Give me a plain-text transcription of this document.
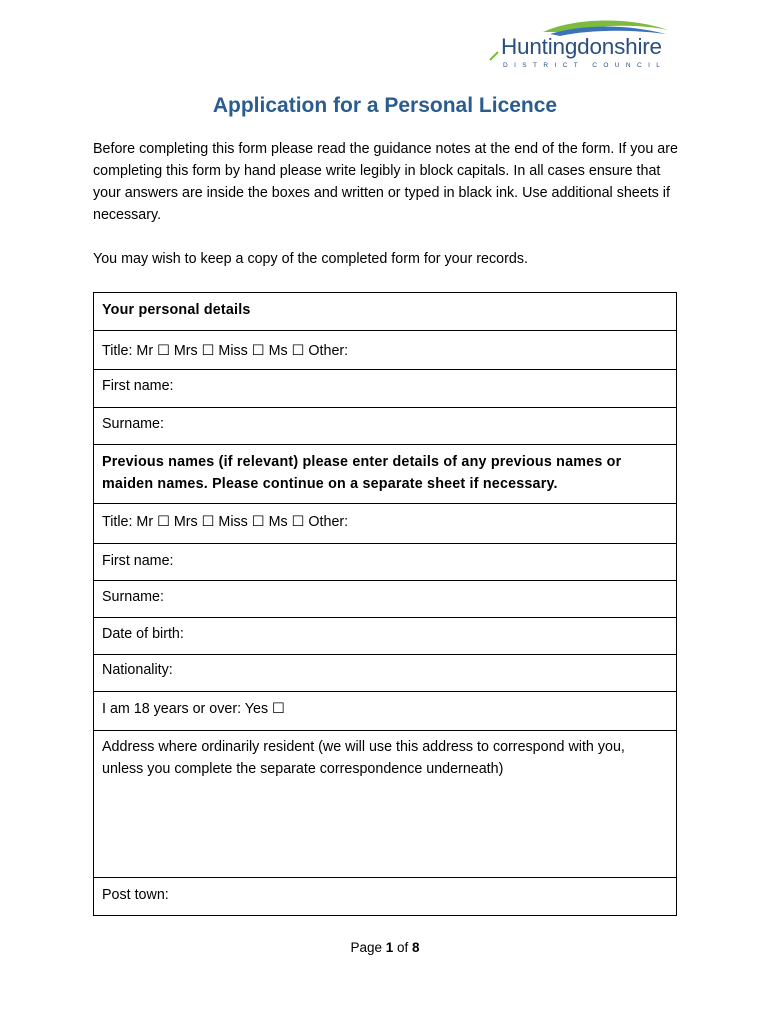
Huntingdonshire
DISTRICT COUNCIL
Application for a Personal Licence

Before completing this form please read the guidance notes at the end of the form. If you are completing this form by hand please write legibly in block capitals. In all cases ensure that your answers are inside the boxes and written or typed in black ink. Use additional sheets if necessary.

You may wish to keep a copy of the completed form for your records.

Your personal details
Title: Mr ☐ Mrs ☐ Miss ☐ Ms ☐ Other:
First name:
Surname:
Previous names (if relevant) please enter details of any previous names or maiden names. Please continue on a separate sheet if necessary.
Title: Mr ☐ Mrs ☐ Miss ☐ Ms ☐ Other:
First name:
Surname:
Date of birth:
Nationality:
I am 18 years or over: Yes ☐
Address where ordinarily resident (we will use this address to correspond with you, unless you complete the separate correspondence underneath)
Post town:
Page 1 of 8
